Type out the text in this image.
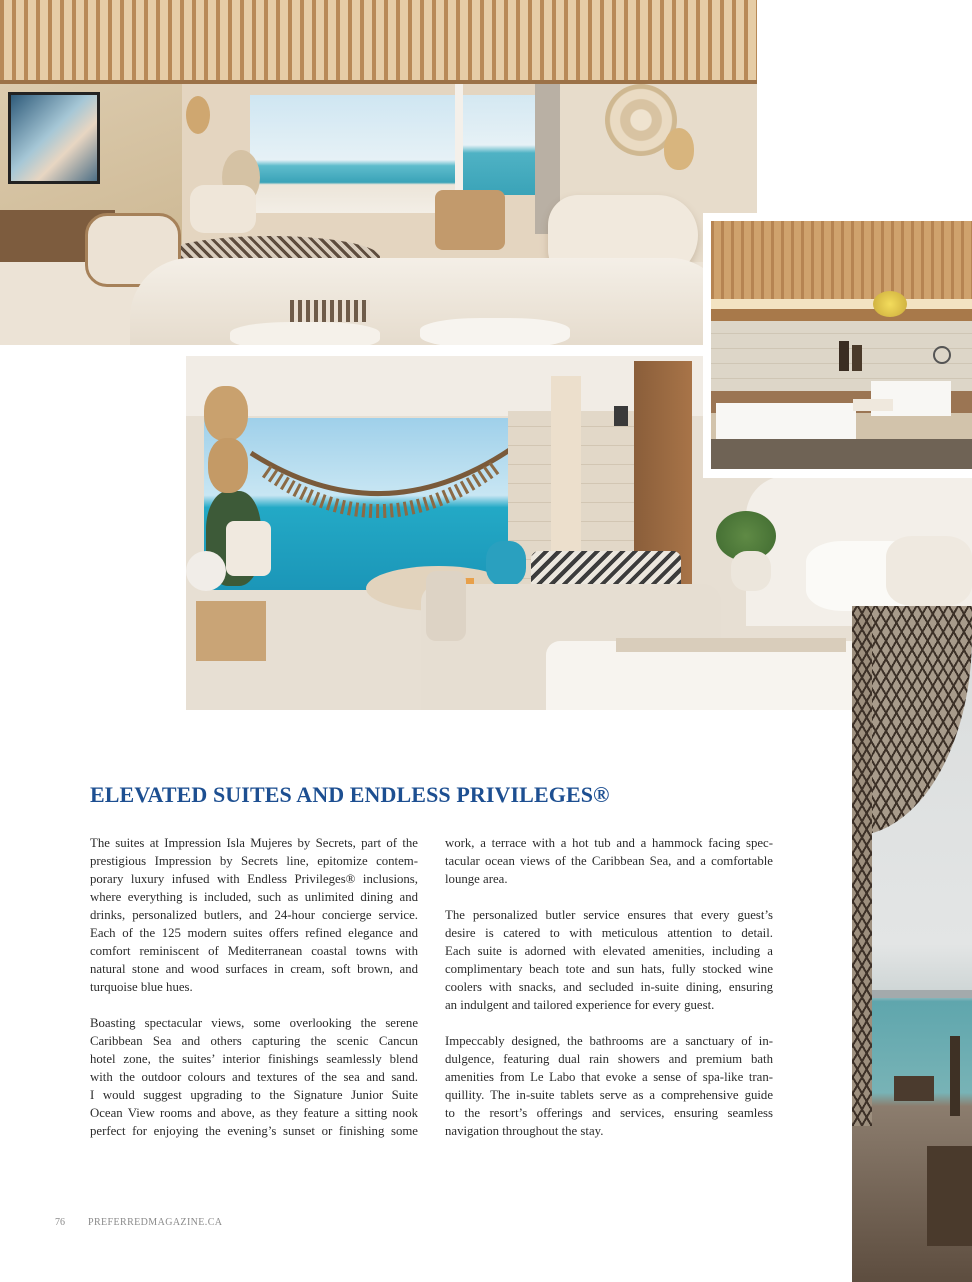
ELEVATED SUITES AND ENDLESS PRIVILEGES®
The suites at Impression Isla Mujeres by Secrets, part of the
prestigious Impression by Secrets line, epitomize contem-
porary luxury infused with Endless Privileges® inclusions,
where everything is included, such as unlimited dining and
drinks, personalized butlers, and 24-hour concierge service.
Each of the 125 modern suites offers refined elegance and
comfort reminiscent of Mediterranean coastal towns with
natural stone and wood surfaces in cream, soft brown, and
turquoise blue hues.
Boasting spectacular views, some overlooking the serene
Caribbean Sea and others capturing the scenic Cancun
hotel zone, the suites’ interior finishings seamlessly blend
with the outdoor colours and textures of the sea and sand.
I would suggest upgrading to the Signature Junior Suite
Ocean View rooms and above, as they feature a sitting nook
perfect for enjoying the evening’s sunset or finishing some
work, a terrace with a hot tub and a hammock facing spec-
tacular ocean views of the Caribbean Sea, and a comfortable
lounge area.
The personalized butler service ensures that every guest’s
desire is catered to with meticulous attention to detail.
Each suite is adorned with elevated amenities, including a
complimentary beach tote and sun hats, fully stocked wine
coolers with snacks, and secluded in-suite dining, ensuring
an indulgent and tailored experience for every guest.
Impeccably designed, the bathrooms are a sanctuary of in-
dulgence, featuring dual rain showers and premium bath
amenities from Le Labo that evoke a sense of spa-like tran-
quillity. The in-suite tablets serve as a comprehensive guide
to the resort’s offerings and services, ensuring seamless
navigation throughout the stay.
76 PREFERREDMAGAZINE.CA
